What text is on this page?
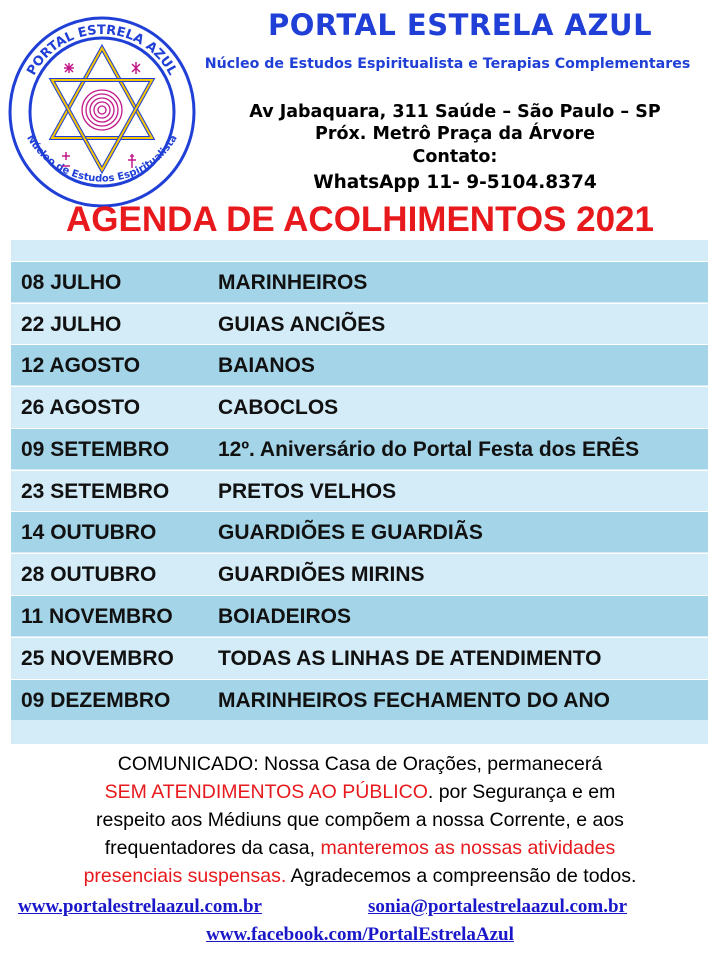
PORTAL ESTRELA AZUL
Núcleo de Estudos Espiritualista
PORTAL ESTRELA AZUL
Núcleo de Estudos Espiritualista e Terapias Complementares
Av Jabaquara, 311 Saúde – São Paulo – SP
Próx. Metrô Praça da Árvore
Contato:
WhatsApp 11- 9-5104.8374
AGENDA DE ACOLHIMENTOS 2021
08 JULHO	MARINHEIROS
22 JULHO	GUIAS ANCIÕES
12 AGOSTO	BAIANOS
26 AGOSTO	CABOCLOS
09 SETEMBRO 12º. Aniversário do Portal Festa dos ERÊS
23 SETEMBRO PRETOS VELHOS
14 OUTUBRO	GUARDIÕES E GUARDIÃS
28 OUTUBRO	GUARDIÕES MIRINS
11 NOVEMBRO BOIADEIROS
25 NOVEMBRO TODAS AS LINHAS DE ATENDIMENTO
09 DEZEMBRO MARINHEIROS FECHAMENTO DO ANO
COMUNICADO: Nossa Casa de Orações, permanecerá
SEM ATENDIMENTOS AO PÚBLICO. por Segurança e em
respeito aos Médiuns que compõem a nossa Corrente, e aos
frequentadores da casa, manteremos as nossas atividades
presenciais suspensas. Agradecemos a compreensão de todos.
www.portalestrelaazul.com.br	sonia@portalestrelaazul.com.br
www.facebook.com/PortalEstrelaAzul
